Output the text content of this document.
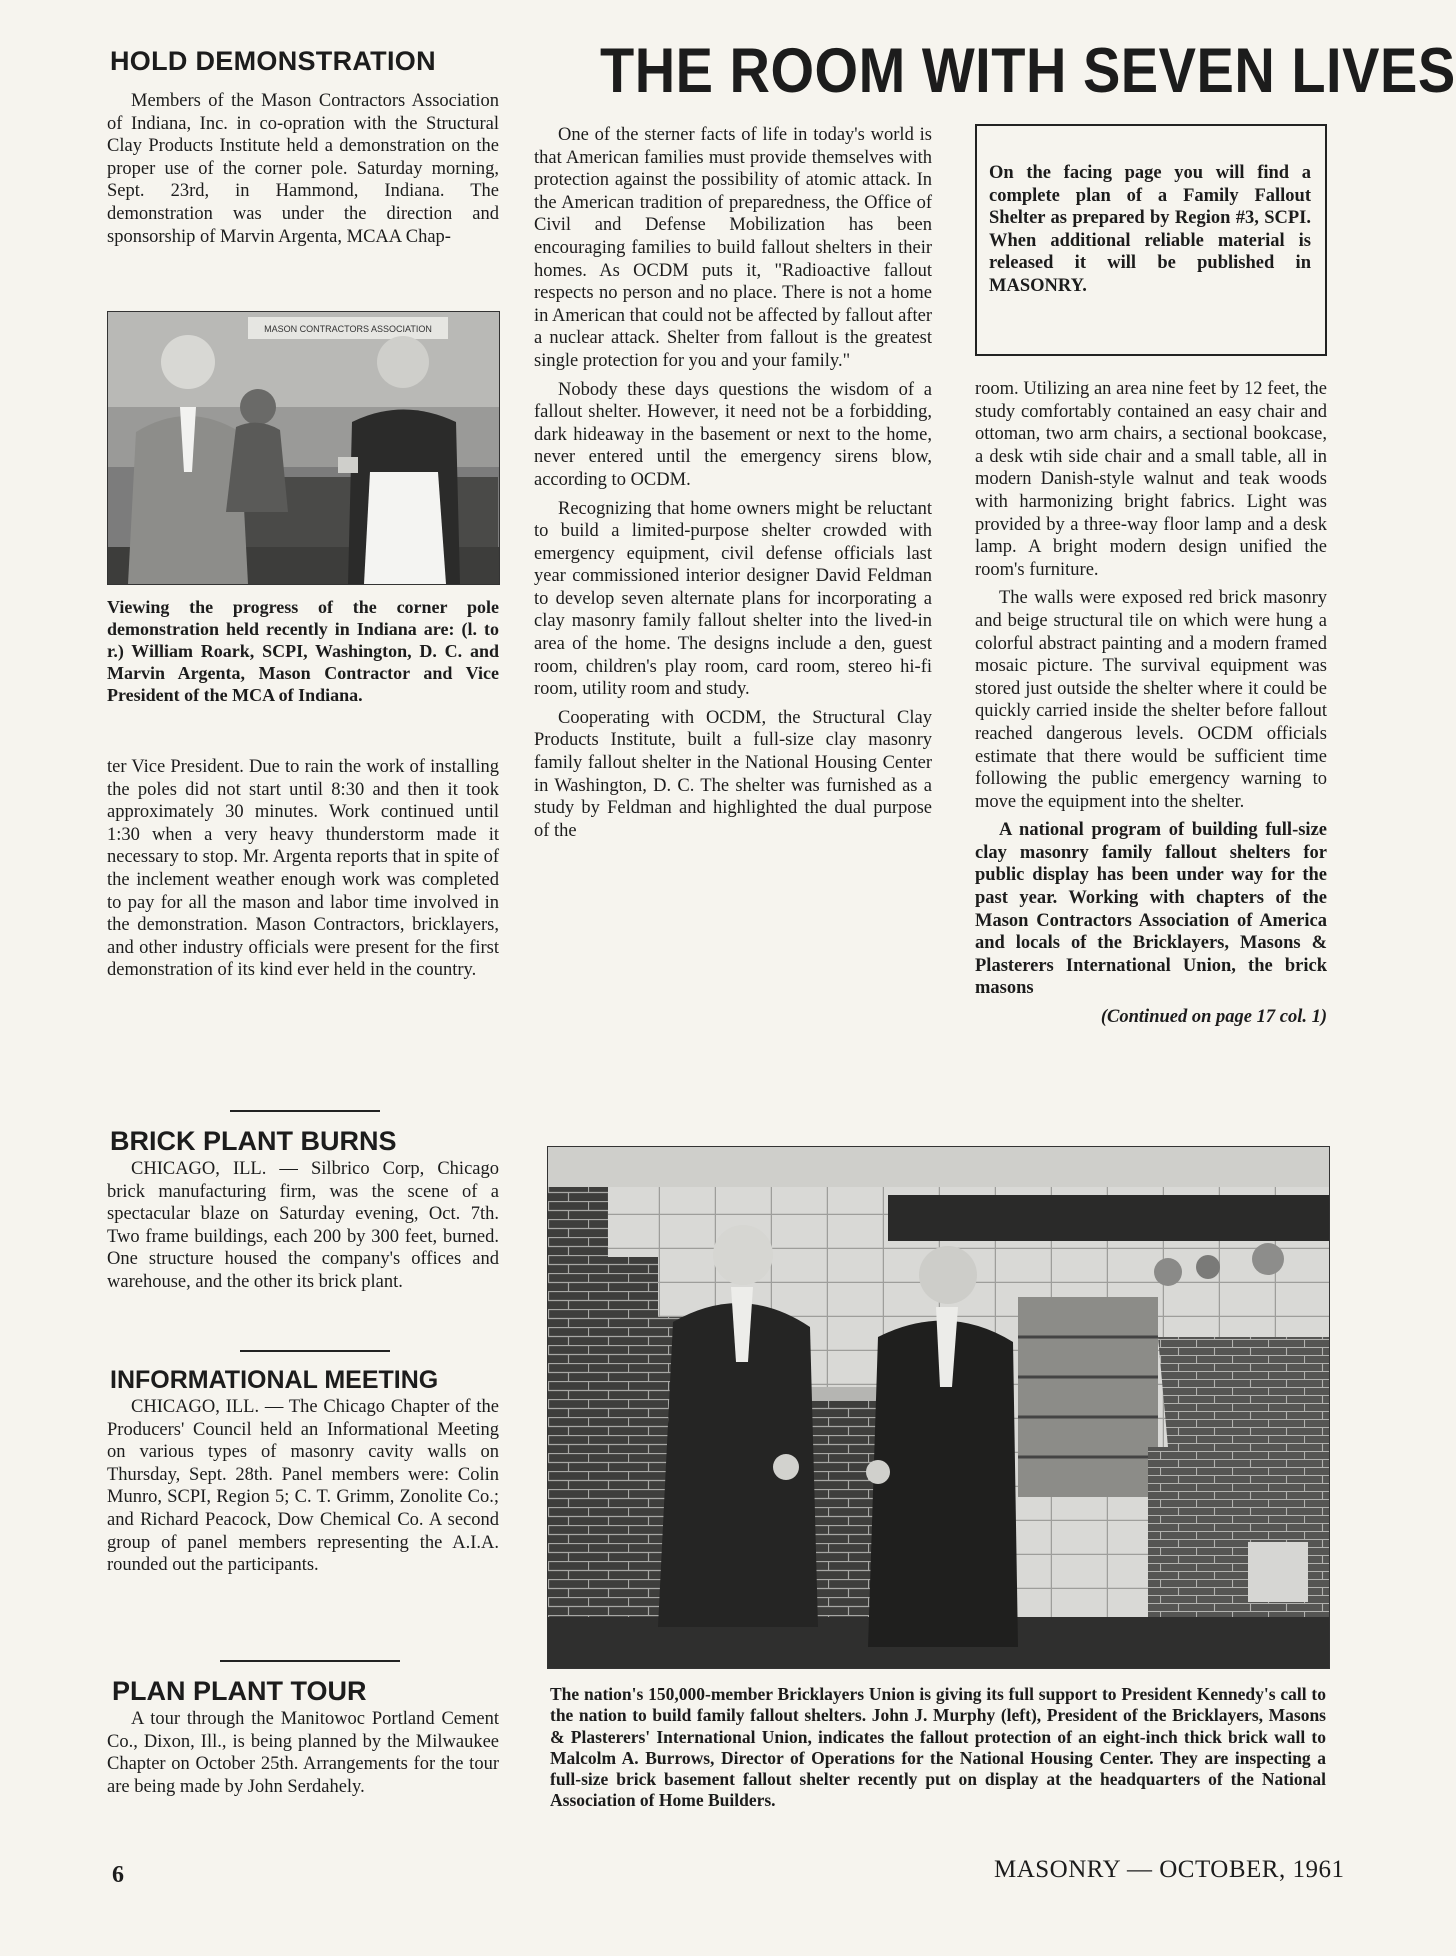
HOLD DEMONSTRATION

Members of the Mason Contractors Association of Indiana, Inc. in co-opration with the Structural Clay Products Institute held a demonstration on the proper use of the corner pole. Saturday morning, Sept. 23rd, in Hammond, Indiana. The demonstration was under the direction and sponsorship of Marvin Argenta, MCAA Chap-

MASON CONTRACTORS ASSOCIATION
Viewing the progress of the corner pole demonstration held recently in Indiana are: (l. to r.) William Roark, SCPI, Washington, D. C. and Marvin Argenta, Mason Contractor and Vice President of the MCA of Indiana.

ter Vice President. Due to rain the work of installing the poles did not start until 8:30 and then it took approximately 30 minutes. Work continued until 1:30 when a very heavy thunderstorm made it necessary to stop. Mr. Argenta reports that in spite of the inclement weather enough work was completed to pay for all the mason and labor time involved in the demonstration. Mason Contractors, bricklayers, and other industry officials were present for the first demonstration of its kind ever held in the country.

BRICK PLANT BURNS

CHICAGO, ILL. — Silbrico Corp, Chicago brick manufacturing firm, was the scene of a spectacular blaze on Saturday evening, Oct. 7th. Two frame buildings, each 200 by 300 feet, burned. One structure housed the company's offices and warehouse, and the other its brick plant.

INFORMATIONAL MEETING

CHICAGO, ILL. — The Chicago Chapter of the Producers' Council held an Informational Meeting on various types of masonry cavity walls on Thursday, Sept. 28th. Panel members were: Colin Munro, SCPI, Region 5; C. T. Grimm, Zonolite Co.; and Richard Peacock, Dow Chemical Co. A second group of panel members representing the A.I.A. rounded out the participants.

PLAN PLANT TOUR

A tour through the Manitowoc Portland Cement Co., Dixon, Ill., is being planned by the Milwaukee Chapter on October 25th. Arrangements for the tour are being made by John Serdahely.

THE ROOM WITH SEVEN LIVES

One of the sterner facts of life in today's world is that American families must provide themselves with protection against the possibility of atomic attack. In the American tradition of preparedness, the Office of Civil and Defense Mobilization has been encouraging families to build fallout shelters in their homes. As OCDM puts it, "Radioactive fallout respects no person and no place. There is not a home in American that could not be affected by fallout after a nuclear attack. Shelter from fallout is the greatest single protection for you and your family."

Nobody these days questions the wisdom of a fallout shelter. However, it need not be a forbidding, dark hideaway in the basement or next to the home, never entered until the emergency sirens blow, according to OCDM.

Recognizing that home owners might be reluctant to build a limited-purpose shelter crowded with emergency equipment, civil defense officials last year commissioned interior designer David Feldman to develop seven alternate plans for incorporating a clay masonry family fallout shelter into the lived-in area of the home. The designs include a den, guest room, children's play room, card room, stereo hi-fi room, utility room and study.

Cooperating with OCDM, the Structural Clay Products Institute, built a full-size clay masonry family fallout shelter in the National Housing Center in Washington, D. C. The shelter was furnished as a study by Feldman and highlighted the dual purpose of the

On the facing page you will find a complete plan of a Family Fallout Shelter as prepared by Region #3, SCPI. When additional reliable material is released it will be published in MASONRY.

room. Utilizing an area nine feet by 12 feet, the study comfortably contained an easy chair and ottoman, two arm chairs, a sectional bookcase, a desk wtih side chair and a small table, all in modern Danish-style walnut and teak woods with harmonizing bright fabrics. Light was provided by a three-way floor lamp and a desk lamp. A bright modern design unified the room's furniture.

The walls were exposed red brick masonry and beige structural tile on which were hung a colorful abstract painting and a modern framed mosaic picture. The survival equipment was stored just outside the shelter where it could be quickly carried inside the shelter before fallout reached dangerous levels. OCDM officials estimate that there would be sufficient time following the public emergency warning to move the equipment into the shelter.

A national program of building full-size clay masonry family fallout shelters for public display has been under way for the past year. Working with chapters of the Mason Contractors Association of America and locals of the Bricklayers, Masons & Plasterers International Union, the brick masons

(Continued on page 17 col. 1)
The nation's 150,000-member Bricklayers Union is giving its full support to President Kennedy's call to the nation to build family fallout shelters. John J. Murphy (left), President of the Bricklayers, Masons & Plasterers' International Union, indicates the fallout protection of an eight-inch thick brick wall to Malcolm A. Burrows, Director of Operations for the National Housing Center. They are inspecting a full-size brick basement fallout shelter recently put on display at the headquarters of the National Association of Home Builders.
6	MASONRY — OCTOBER, 1961
